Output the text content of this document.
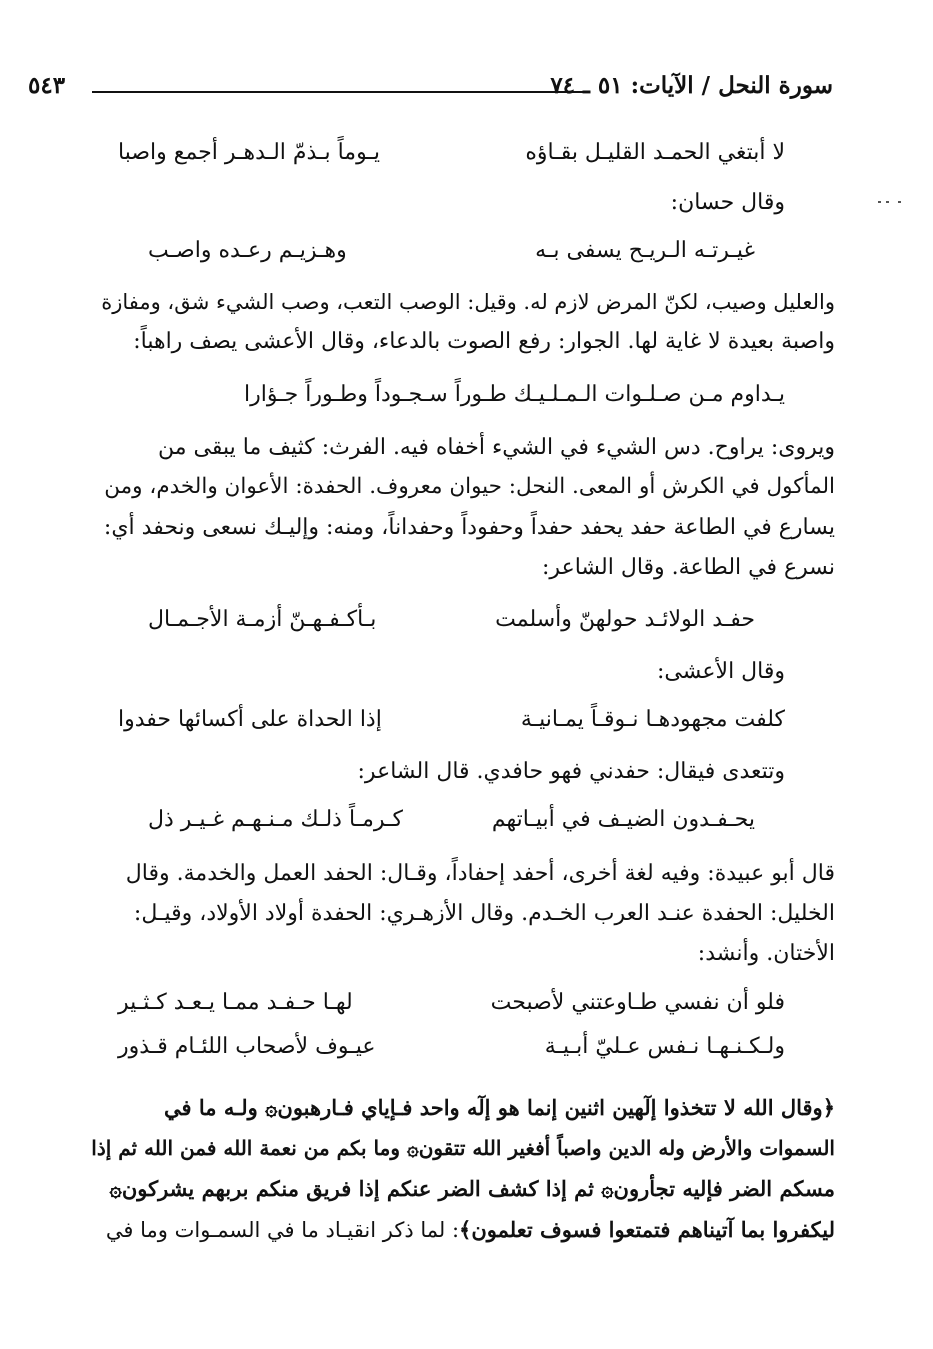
سورة النحل / الآيات: ٥١ ـ ٧٤
٥٤٣
لا أبتغي الحمـد القليـل بقـاؤه
يـوماً بـذمّ الـدهـر أجمع واصبا
وقال حسان:
غيـرتـه الـريـح يسفى بـه
وهـزيـم رعـده واصـب
والعليل وصيب، لكنّ المرض لازم له. وقيل: الوصب التعب، وصب الشيء شق، ومفازة
واصبة بعيدة لا غاية لها. الجوار: رفع الصوت بالدعاء، وقال الأعشى يصف راهباً:
يـداوم مـن صـلـوات الـمـلـيـك طـوراً سـجـوداً وطـوراً جـؤارا
ويروى: يراوح. دس الشيء في الشيء أخفاه فيه. الفرث: كثيف ما يبقى من
المأكول في الكرش أو المعى. النحل: حيوان معروف. الحفدة: الأعوان والخدم، ومن
يسارع في الطاعة حفد يحفد حفداً وحفوداً وحفداناً، ومنه: وإليـك نسعى ونحفد أي:
نسرع في الطاعة. وقال الشاعر:
حفـد الولائـد حولهنّ وأسلمت
بـأكـفـهـنّ أزمـة الأجـمـال
وقال الأعشى:
كلفت مجهودهـا نـوقـاً يمـانيـة
إذا الحداة على أكسائها حفدوا
وتتعدى فيقال: حفدني فهو حافدي. قال الشاعر:
يحـفـدون الضيـف في أبيـاتهم
كـرمـاً ذلـك مـنـهـم غـيـر ذل
قال أبو عبيدة: وفيه لغة أخرى، أحفد إحفاداً، وقـال: الحفد العمل والخدمة. وقال
الخليل: الحفدة عنـد العرب الخـدم. وقال الأزهـري: الحفدة أولاد الأولاد، وقيـل:
الأختان. وأنشد:
فلو أن نفسي طـاوعتني لأصبحت
لهـا حـفـد ممـا يـعـد كـثـير
ولـكـنـهـا نـفس عـليّ أبـيـة
عيـوف لأصحاب اللئـام قـذور
﴿وقال الله لا تتخذوا إلٓهين اثنين إنما هو إلٓه واحد فـإياي فـارهبون۞ ولـه ما في
السموات والأرض وله الدين واصباً أفغير الله تتقون۞ وما بكم من نعمة الله فمن الله ثم إذا
مسكم الضر فإليه تجأرون۞ ثم إذا كشف الضر عنكم إذا فريق منكم بربهم يشركون۞
ليكفروا بما آتيناهم فتمتعوا فسوف تعلمون﴾: لما ذكر انقيـاد ما في السمـوات وما في
